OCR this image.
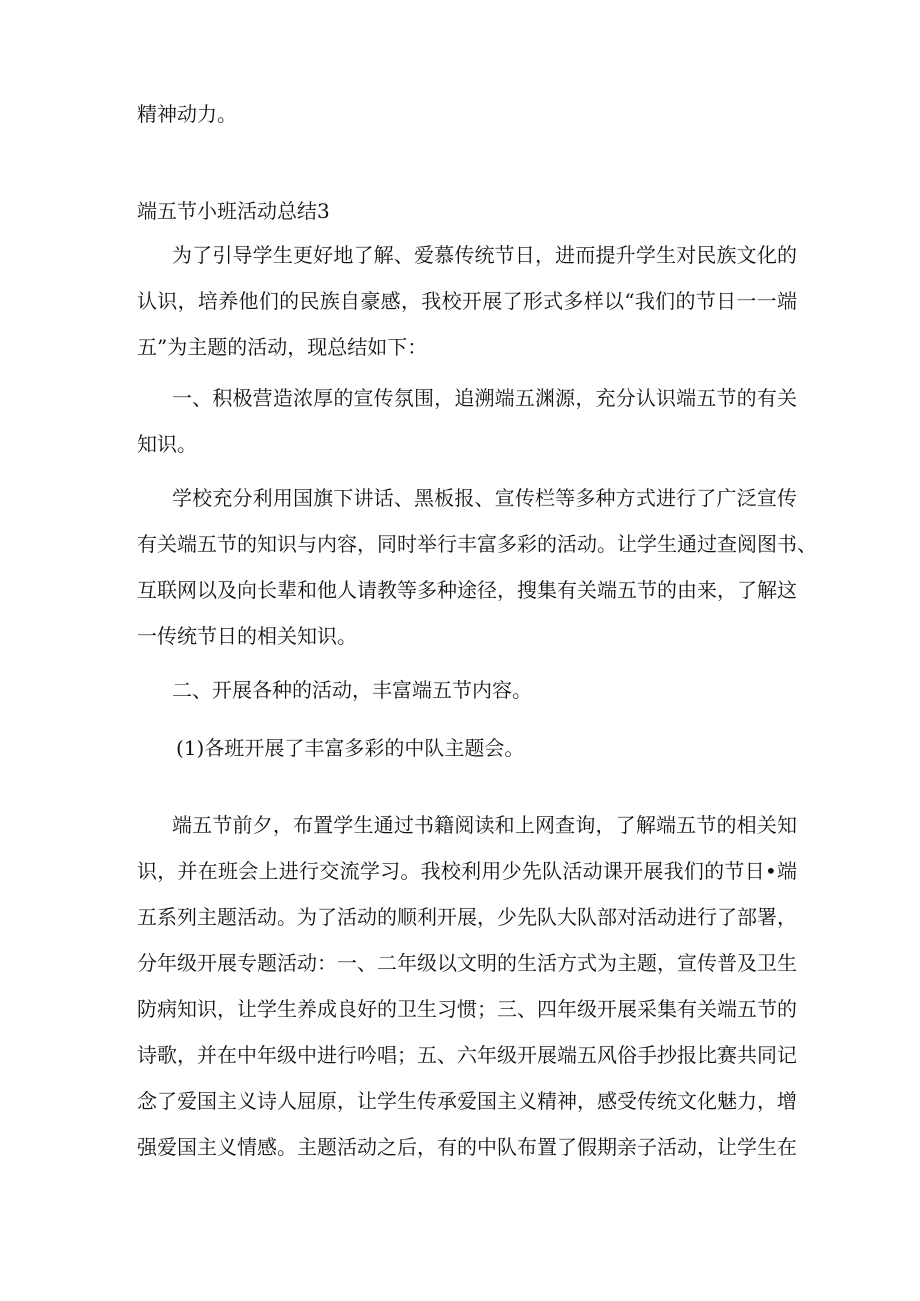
精神动力。
端五节小班活动总结3
为了引导学生更好地了解、爱慕传统节日，进而提升学生对民族文化的
认识，培养他们的民族自豪感，我校开展了形式多样以“我们的节日一一端
五”为主题的活动，现总结如下：
一、积极营造浓厚的宣传氛围，追溯端五渊源，充分认识端五节的有关
知识。
学校充分利用国旗下讲话、黑板报、宣传栏等多种方式进行了广泛宣传
有关端五节的知识与内容，同时举行丰富多彩的活动。让学生通过查阅图书、
互联网以及向长辈和他人请教等多种途径，搜集有关端五节的由来，了解这
一传统节日的相关知识。
二、开展各种的活动，丰富端五节内容。
(1)各班开展了丰富多彩的中队主题会。
端五节前夕，布置学生通过书籍阅读和上网查询，了解端五节的相关知
识，并在班会上进行交流学习。我校利用少先队活动课开展我们的节日•端
五系列主题活动。为了活动的顺利开展，少先队大队部对活动进行了部署，
分年级开展专题活动：一、二年级以文明的生活方式为主题，宣传普及卫生
防病知识，让学生养成良好的卫生习惯；三、四年级开展采集有关端五节的
诗歌，并在中年级中进行吟唱；五、六年级开展端五风俗手抄报比赛共同记
念了爱国主义诗人屈原，让学生传承爱国主义精神，感受传统文化魅力，增
强爱国主义情感。主题活动之后，有的中队布置了假期亲子活动，让学生在
